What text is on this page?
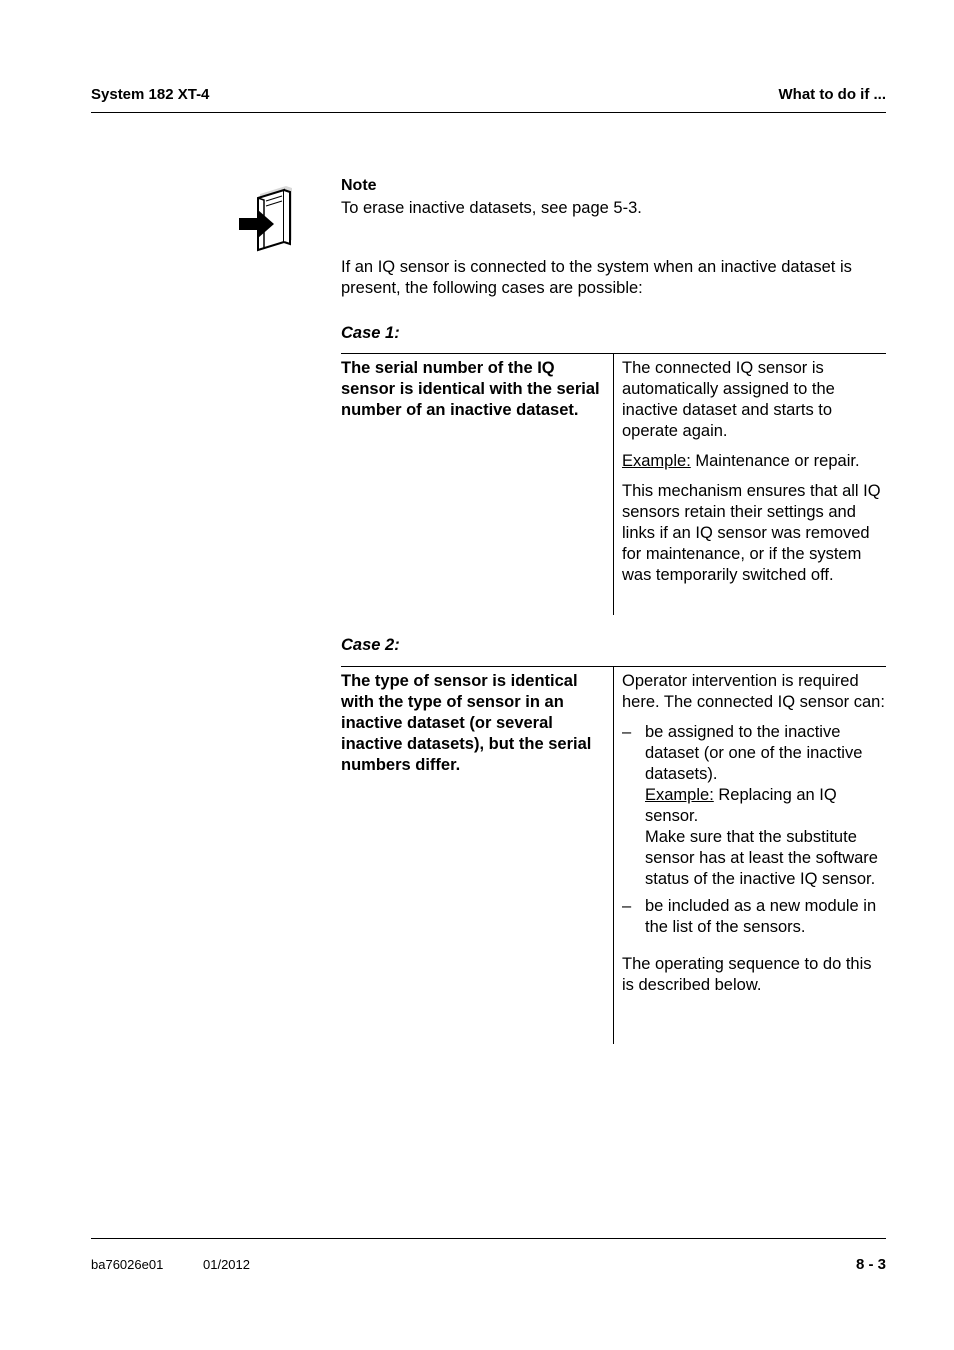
System 182 XT-4	What to do if ...
Note
To erase inactive datasets, see page 5-3.
If an IQ sensor is connected to the system when an inactive dataset is present, the following cases are possible:
Case 1:
The serial number of the IQ sensor is identical with the serial number of an inactive dataset.

The connected IQ sensor is automatically assigned to the inactive dataset and starts to operate again.

Example: Maintenance or repair.

This mechanism ensures that all IQ sensors retain their settings and links if an IQ sensor was removed for maintenance, or if the system was temporarily switched off.

Case 2:
The type of sensor is identical with the type of sensor in an inactive dataset (or several inactive datasets), but the serial numbers differ.

Operator intervention is required here. The connected IQ sensor can:

– be assigned to the inactive dataset (or one of the inactive datasets).
Example: Replacing an IQ sensor.
Make sure that the substitute sensor has at least the software status of the inactive IQ sensor.
– be included as a new module in the list of the sensors.

The operating sequence to do this is described below.

ba76026e01	01/2012	8 - 3
